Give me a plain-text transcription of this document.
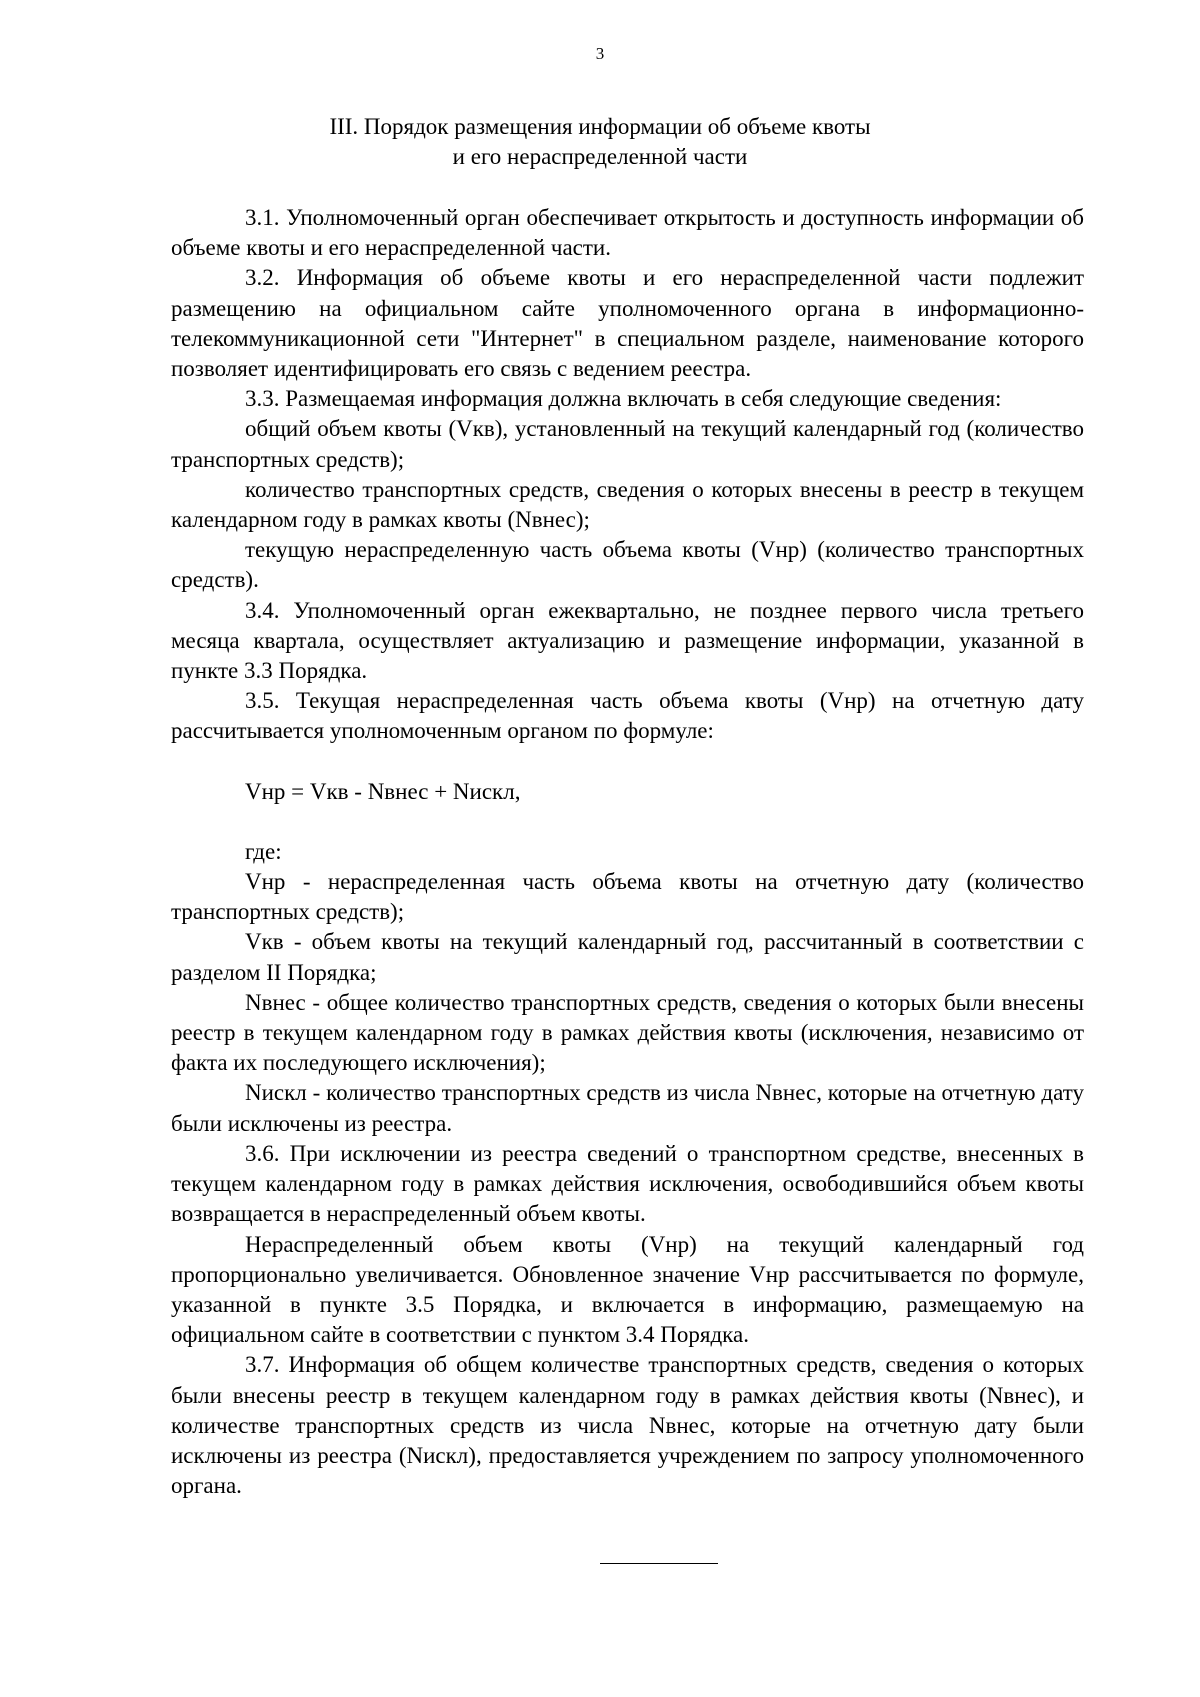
3
III. Порядок размещения информации об объеме квоты
и его нераспределенной части

3.1. Уполномоченный орган обеспечивает открытость и доступность информации об объеме квоты и его нераспределенной части.

3.2. Информация об объеме квоты и его нераспределенной части подлежит размещению на официальном сайте уполномоченного органа в информационно-телекоммуникационной сети "Интернет" в специальном разделе, наименование которого позволяет идентифицировать его связь с ведением реестра.

3.3. Размещаемая информация должна включать в себя следующие сведения:

общий объем квоты (Vкв), установленный на текущий календарный год (количество транспортных средств);

количество транспортных средств, сведения о которых внесены в реестр в текущем календарном году в рамках квоты (Nвнес);

текущую нераспределенную часть объема квоты (Vнр) (количество транспортных средств).

3.4. Уполномоченный орган ежеквартально, не позднее первого числа третьего месяца квартала, осуществляет актуализацию и размещение информации, указанной в пункте 3.3 Порядка.

3.5. Текущая нераспределенная часть объема квоты (Vнр) на отчетную дату рассчитывается уполномоченным органом по формуле:

Vнр = Vкв - Nвнес + Nискл,

где:

Vнр - нераспределенная часть объема квоты на отчетную дату (количество транспортных средств);

Vкв - объем квоты на текущий календарный год, рассчитанный в соответствии с разделом II Порядка;

Nвнес - общее количество транспортных средств, сведения о которых были внесены реестр в текущем календарном году в рамках действия квоты (исключения, независимо от факта их последующего исключения);

Nискл - количество транспортных средств из числа Nвнес, которые на отчетную дату были исключены из реестра.

3.6. При исключении из реестра сведений о транспортном средстве, внесенных в текущем календарном году в рамках действия исключения, освободившийся объем квоты возвращается в нераспределенный объем квоты.

Нераспределенный объем квоты (Vнр) на текущий календарный год пропорционально увеличивается. Обновленное значение Vнр рассчитывается по формуле, указанной в пункте 3.5 Порядка, и включается в информацию, размещаемую на официальном сайте в соответствии с пунктом 3.4 Порядка.

3.7. Информация об общем количестве транспортных средств, сведения о которых были внесены реестр в текущем календарном году в рамках действия квоты (Nвнес), и количестве транспортных средств из числа Nвнес, которые на отчетную дату были исключены из реестра (Nискл), предоставляется учреждением по запросу уполномоченного органа.
